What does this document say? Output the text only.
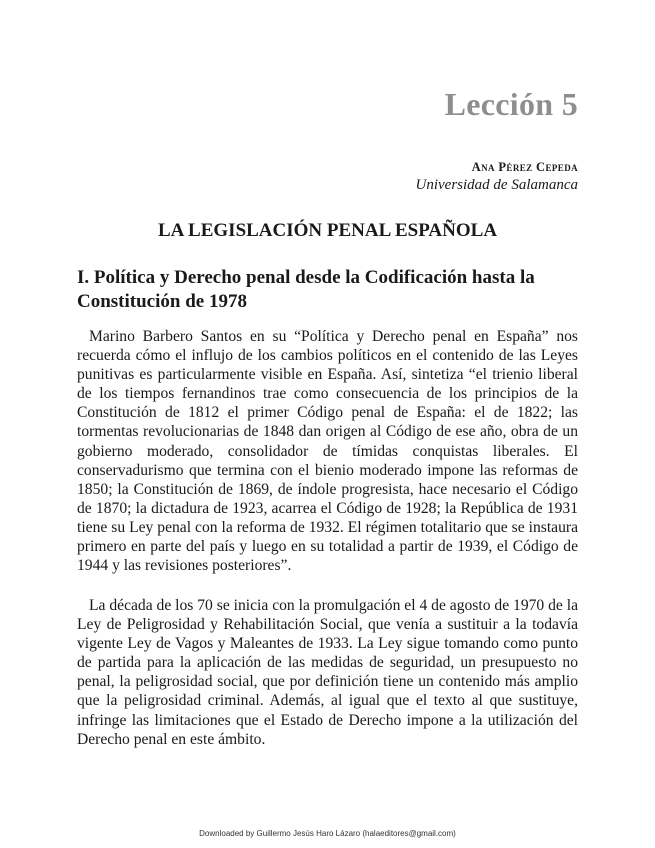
Lección 5
Ana Pérez Cepeda
Universidad de Salamanca
LA LEGISLACIÓN PENAL ESPAÑOLA
I. Política y Derecho penal desde la Codificación hasta la Constitución de 1978

Marino Barbero Santos en su “Política y Derecho penal en España” nos recuerda cómo el influjo de los cambios políticos en el contenido de las Leyes punitivas es particularmente visible en España. Así, sintetiza “el trienio liberal de los tiempos fernandinos trae como consecuencia de los principios de la Constitución de 1812 el primer Código penal de España: el de 1822; las tormentas revolucionarias de 1848 dan origen al Código de ese año, obra de un gobierno moderado, consolidador de tímidas conquistas liberales. El conservadurismo que termina con el bienio moderado impone las reformas de 1850; la Constitución de 1869, de índole progresista, hace necesario el Código de 1870; la dictadura de 1923, acarrea el Código de 1928; la República de 1931 tiene su Ley penal con la reforma de 1932. El régimen totalitario que se instaura primero en parte del país y luego en su totalidad a partir de 1939, el Código de 1944 y las revisiones posteriores”.

La década de los 70 se inicia con la promulgación el 4 de agosto de 1970 de la Ley de Peligrosidad y Rehabilitación Social, que venía a sustituir a la todavía vigente Ley de Vagos y Maleantes de 1933. La Ley sigue tomando como punto de partida para la aplicación de las medidas de seguridad, un presupuesto no penal, la peligrosidad social, que por definición tiene un contenido más amplio que la peligrosidad criminal. Además, al igual que el texto al que sustituye, infringe las limitaciones que el Estado de Derecho impone a la utilización del Derecho penal en este ámbito.

Downloaded by Guillermo Jesús Haro Lázaro (halaeditores@gmail.com)
